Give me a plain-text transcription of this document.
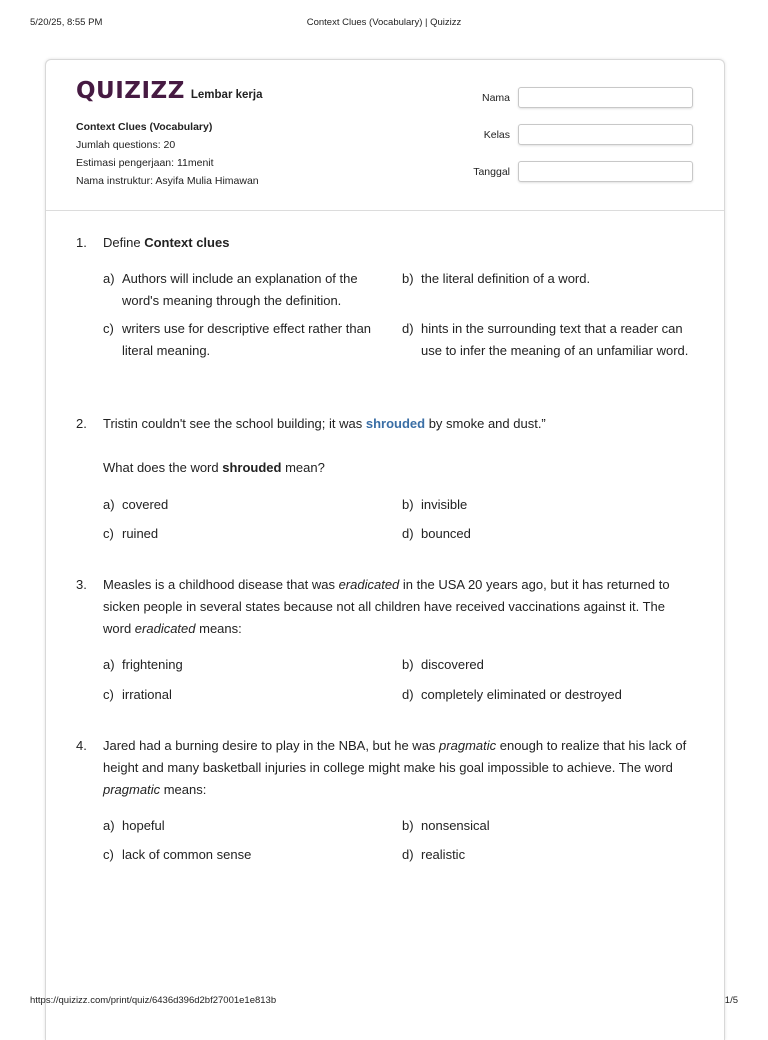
5/20/25, 8:55 PM	Context Clues (Vocabulary) | Quizizz
QUIZIZZ Lembar kerja
Context Clues (Vocabulary)
Jumlah questions: 20
Estimasi pengerjaan: 11menit
Nama instruktur: Asyifa Mulia Himawan
Nama
Kelas
Tanggal
1. Define Context clues
a) Authors will include an explanation of the word's meaning through the definition.
b) the literal definition of a word.
c) writers use for descriptive effect rather than literal meaning.
d) hints in the surrounding text that a reader can use to infer the meaning of an unfamiliar word.
2. Tristin couldn't see the school building; it was shrouded by smoke and dust.”
What does the word shrouded mean?
a) covered	b) invisible
c) ruined	d) bounced
3. Measles is a childhood disease that was eradicated in the USA 20 years ago, but it has returned to sicken people in several states because not all children have received vaccinations against it. The word eradicated means:
a) frightening	b) discovered
c) irrational	d) completely eliminated or destroyed
4. Jared had a burning desire to play in the NBA, but he was pragmatic enough to realize that his lack of height and many basketball injuries in college might make his goal impossible to achieve. The word pragmatic means:
a) hopeful	b) nonsensical
c) lack of common sense	d) realistic
https://quizizz.com/print/quiz/6436d396d2bf27001e1e813b	1/5
